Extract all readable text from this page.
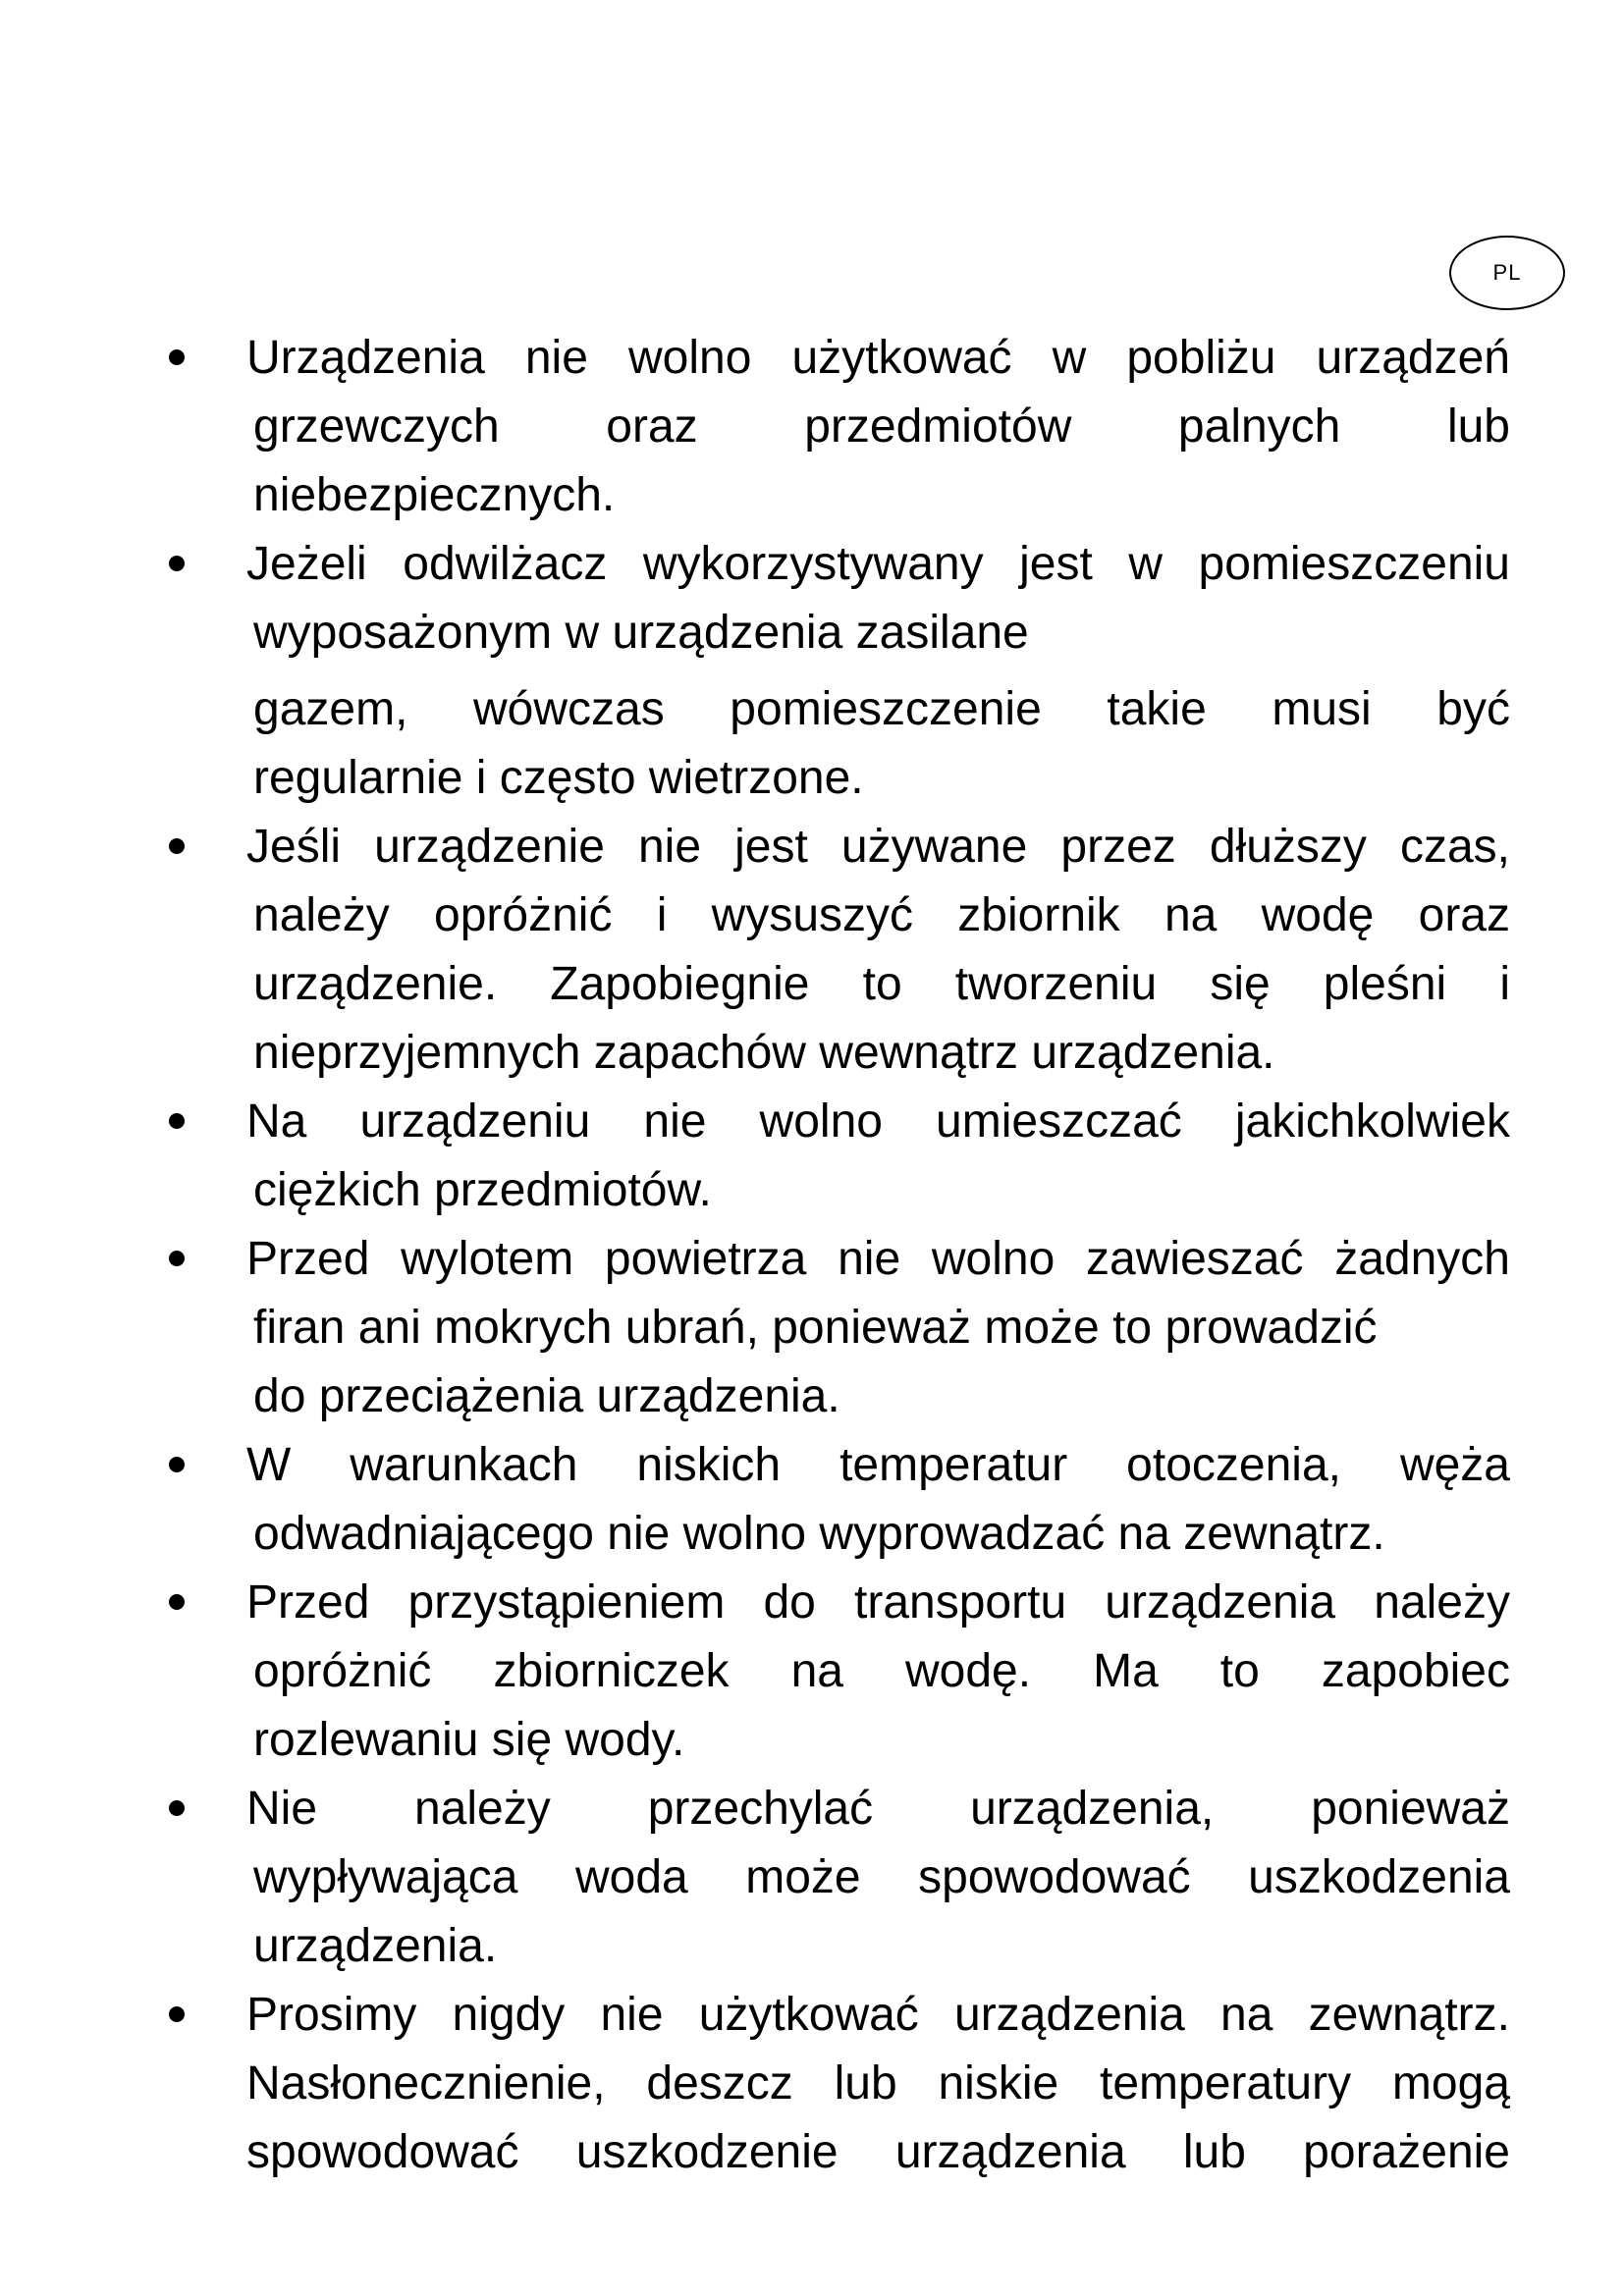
PL
Urządzenia nie wolno użytkować w pobliżu urządzeń
grzewczych oraz przedmiotów palnych lub
niebezpiecznych.
Jeżeli odwilżacz wykorzystywany jest w pomieszczeniu
wyposażonym w urządzenia zasilane
gazem, wówczas pomieszczenie takie musi być
regularnie i często wietrzone.
Jeśli urządzenie nie jest używane przez dłuższy czas,
należy opróżnić i wysuszyć zbiornik na wodę oraz
urządzenie. Zapobiegnie to tworzeniu się pleśni i
nieprzyjemnych zapachów wewnątrz urządzenia.
Na urządzeniu nie wolno umieszczać jakichkolwiek
ciężkich przedmiotów.
Przed wylotem powietrza nie wolno zawieszać żadnych
firan ani mokrych ubrań, ponieważ może to prowadzić
do przeciążenia urządzenia.
W warunkach niskich temperatur otoczenia, węża
odwadniającego nie wolno wyprowadzać na zewnątrz.
Przed przystąpieniem do transportu urządzenia należy
opróżnić zbiorniczek na wodę. Ma to zapobiec
rozlewaniu się wody.
Nie należy przechylać urządzenia, ponieważ
wypływająca woda może spowodować uszkodzenia
urządzenia.
Prosimy nigdy nie użytkować urządzenia na zewnątrz.
Nasłonecznienie, deszcz lub niskie temperatury mogą
spowodować uszkodzenie urządzenia lub porażenie
